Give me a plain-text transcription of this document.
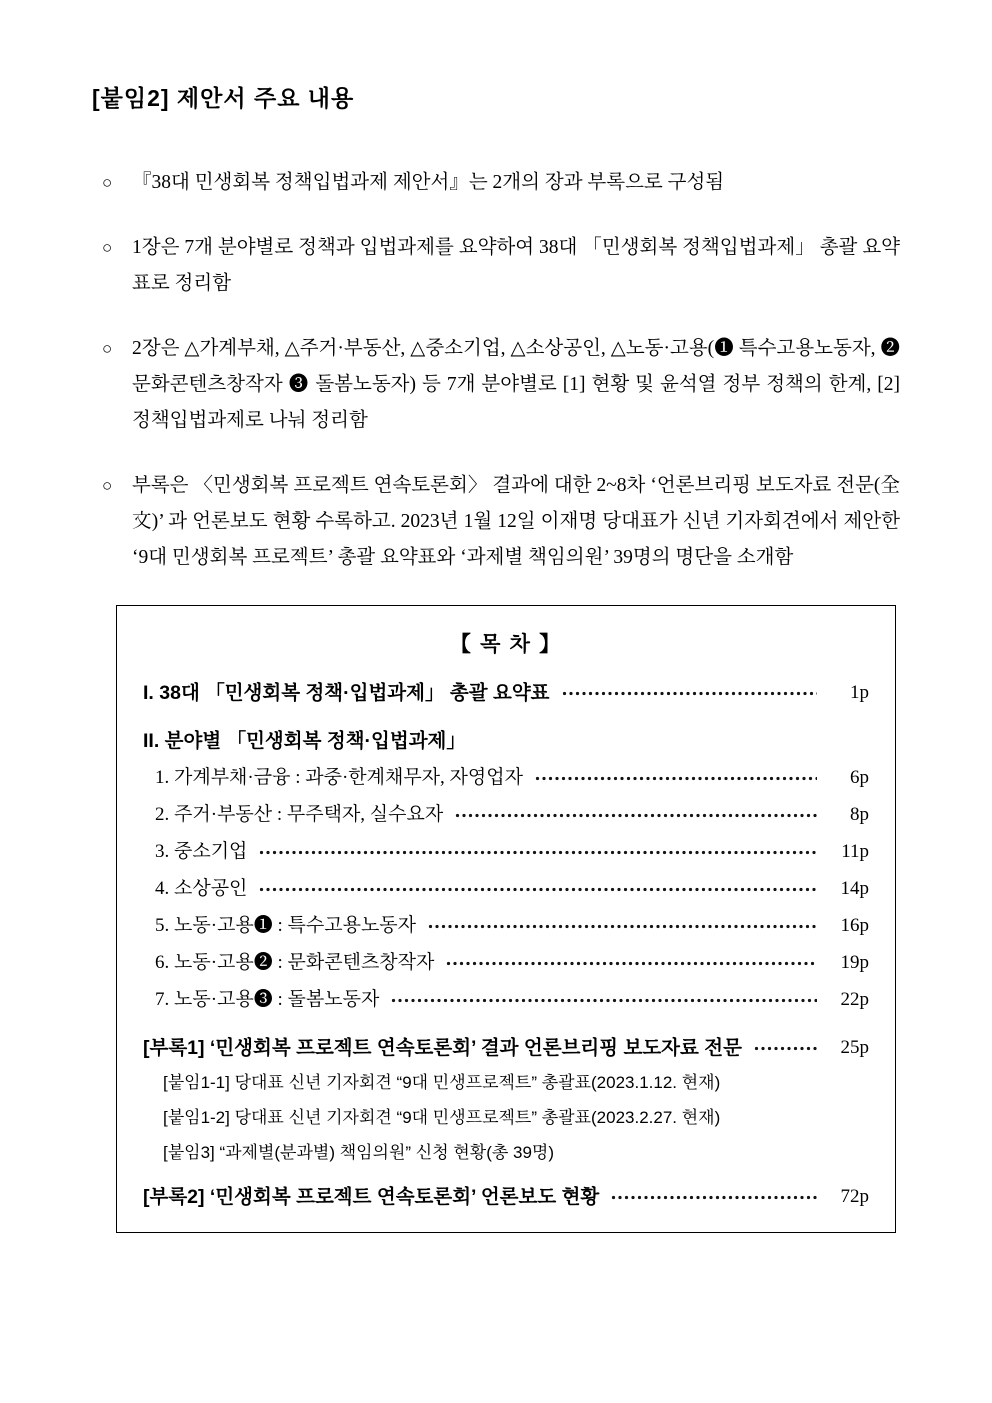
[붙임2] 제안서 주요 내용
○	『38대 민생회복 정책입법과제 제안서』는 2개의 장과 부록으로 구성됨
○	1장은 7개 분야별로 정책과 입법과제를 요약하여 38대 「민생회복 정책입법과제」 총괄 요약표로 정리함
○	2장은 △가계부채, △주거·부동산, △중소기업, △소상공인, △노동·고용(❶ 특수고용노동자, ❷ 문화콘텐츠창작자 ❸ 돌봄노동자) 등 7개 분야별로 [1] 현황 및 윤석열 정부 정책의 한계, [2] 정책입법과제로 나눠 정리함
○	부록은 〈민생회복 프로젝트 연속토론회〉 결과에 대한 2~8차 ‘언론브리핑 보도자료 전문(全文)’ 과 언론보도 현황 수록하고. 2023년 1월 12일 이재명 당대표가 신년 기자회견에서 제안한 ‘9대 민생회복 프로젝트’ 총괄 요약표와 ‘과제별 책임의원’ 39명의 명단을 소개함
【 목 차 】
I. 38대 「민생회복 정책·입법과제」 총괄 요약표	1p
II. 분야별 「민생회복 정책·입법과제」
1. 가계부채·금융 : 과중·한계채무자, 자영업자	6p
2. 주거·부동산 : 무주택자, 실수요자	8p
3. 중소기업	11p
4. 소상공인	14p
5. 노동·고용❶ : 특수고용노동자	16p
6. 노동·고용❷ : 문화콘텐츠창작자	19p
7. 노동·고용❸ : 돌봄노동자	22p
[부록1] ‘민생회복 프로젝트 연속토론회’ 결과 언론브리핑 보도자료 전문	25p
[붙임1-1] 당대표 신년 기자회견 “9대 민생프로젝트” 총괄표(2023.1.12. 현재)
[붙임1-2] 당대표 신년 기자회견 “9대 민생프로젝트” 총괄표(2023.2.27. 현재)
[붙임3] “과제별(분과별) 책임의원” 신청 현황(총 39명)
[부록2] ‘민생회복 프로젝트 연속토론회’ 언론보도 현황	72p
